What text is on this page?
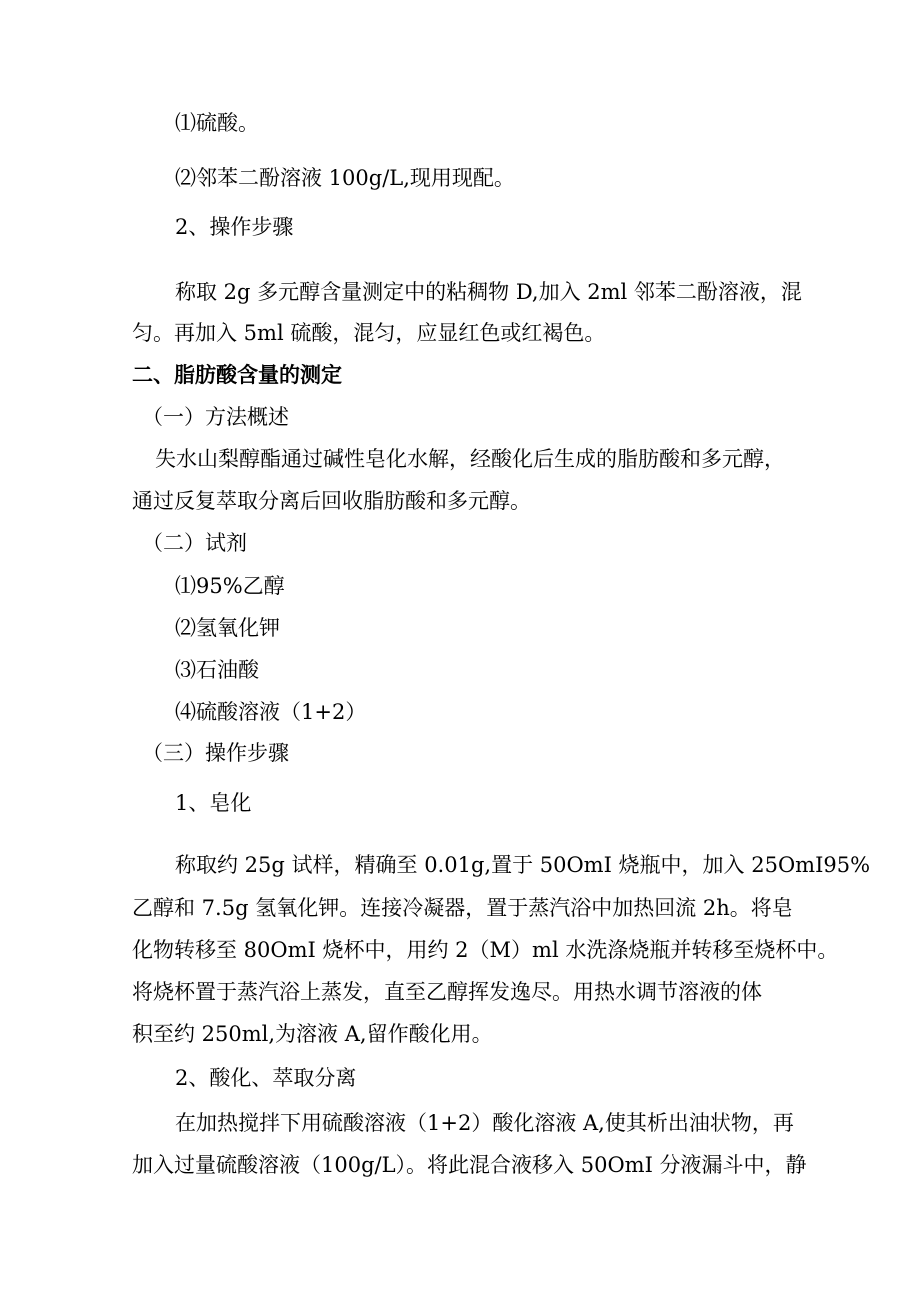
⑴硫酸。
⑵邻苯二酚溶液 100g/L,现用现配。
2、操作步骤
称取 2g 多元醇含量测定中的粘稠物 D,加入 2ml 邻苯二酚溶液，混
匀。再加入 5ml 硫酸，混匀，应显红色或红褐色。
二、脂肪酸含量的测定
（一）方法概述
失水山梨醇酯通过碱性皂化水解，经酸化后生成的脂肪酸和多元醇，
通过反复萃取分离后回收脂肪酸和多元醇。
（二）试剂
⑴95%乙醇
⑵氢氧化钾
⑶石油酸
⑷硫酸溶液（1+2）
（三）操作步骤
1、皂化
称取约 25g 试样，精确至 0.01g,置于 50OmI 烧瓶中，加入 25OmI95%
乙醇和 7.5g 氢氧化钾。连接冷凝器，置于蒸汽浴中加热回流 2h。将皂
化物转移至 80OmI 烧杯中，用约 2（M）ml 水洗涤烧瓶并转移至烧杯中。
将烧杯置于蒸汽浴上蒸发，直至乙醇挥发逸尽。用热水调节溶液的体
积至约 250ml,为溶液 A,留作酸化用。
2、酸化、萃取分离
在加热搅拌下用硫酸溶液（1+2）酸化溶液 A,使其析出油状物，再
加入过量硫酸溶液（100g/L）。将此混合液移入 50OmI 分液漏斗中，静
